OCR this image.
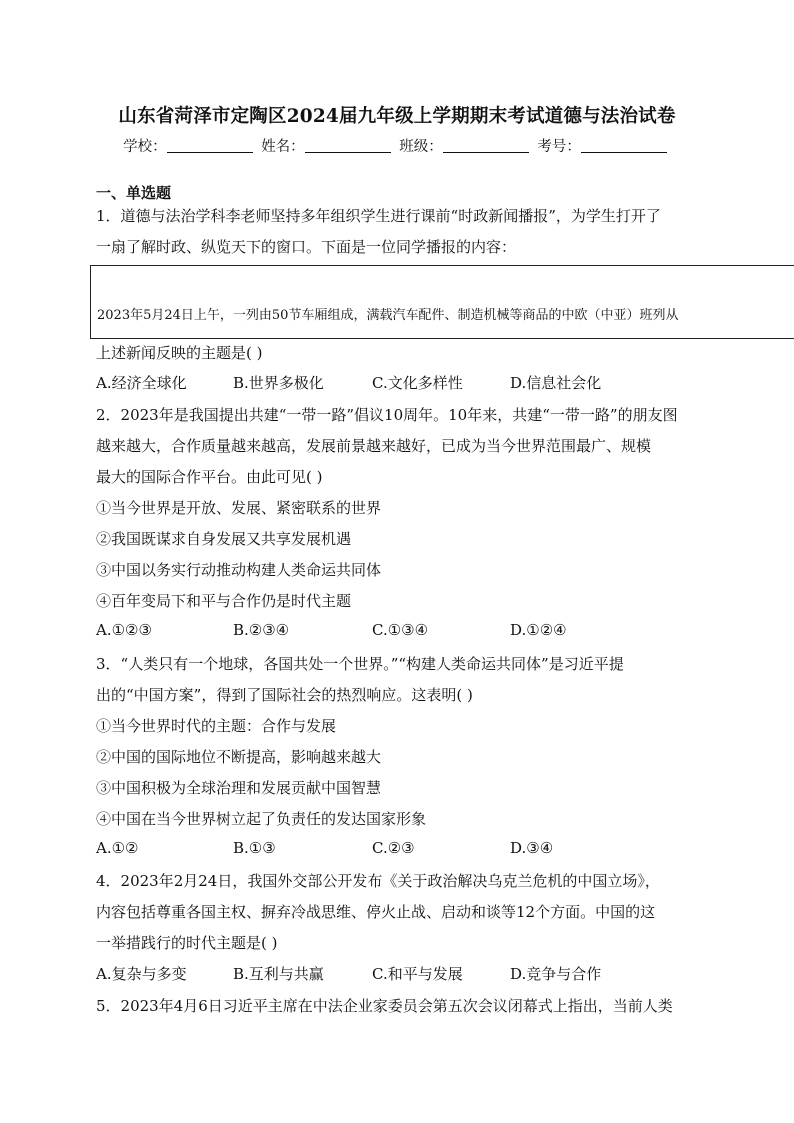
山东省菏泽市定陶区2024届九年级上学期期末考试道德与法治试卷
学校：	姓名：	班级：	考号：
一、单选题
1．道德与法治学科李老师坚持多年组织学生进行课前“时政新闻播报”，为学生打开了
一扇了解时政、纵览天下的窗口。下面是一位同学播报的内容：
2023年5月24日上午，一列由50节车厢组成，满载汽车配件、制造机械等商品的中欧（中亚）班列从
上述新闻反映的主题是( )
A.经济全球化	B.世界多极化	C.文化多样性	D.信息社会化
2．2023年是我国提出共建“一带一路”倡议10周年。10年来，共建“一带一路”的朋友图
越来越大，合作质量越来越高，发展前景越来越好，已成为当今世界范围最广、规模
最大的国际合作平台。由此可见( )
①当今世界是开放、发展、紧密联系的世界
②我国既谋求自身发展又共享发展机遇
③中国以务实行动推动构建人类命运共同体
④百年变局下和平与合作仍是时代主题
A.①②③	B.②③④	C.①③④	D.①②④
3．“人类只有一个地球，各国共处一个世界。”“构建人类命运共同体”是习近平提
出的“中国方案”，得到了国际社会的热烈响应。这表明( )
①当今世界时代的主题：合作与发展
②中国的国际地位不断提高，影响越来越大
③中国积极为全球治理和发展贡献中国智慧
④中国在当今世界树立起了负责任的发达国家形象
A.①②	B.①③	C.②③	D.③④
4．2023年2月24日，我国外交部公开发布《关于政治解决乌克兰危机的中国立场》，
内容包括尊重各国主权、摒弃冷战思维、停火止战、启动和谈等12个方面。中国的这
一举措践行的时代主题是( )
A.复杂与多变	B.互利与共赢	C.和平与发展	D.竞争与合作
5．2023年4月6日习近平主席在中法企业家委员会第五次会议闭幕式上指出，当前人类
